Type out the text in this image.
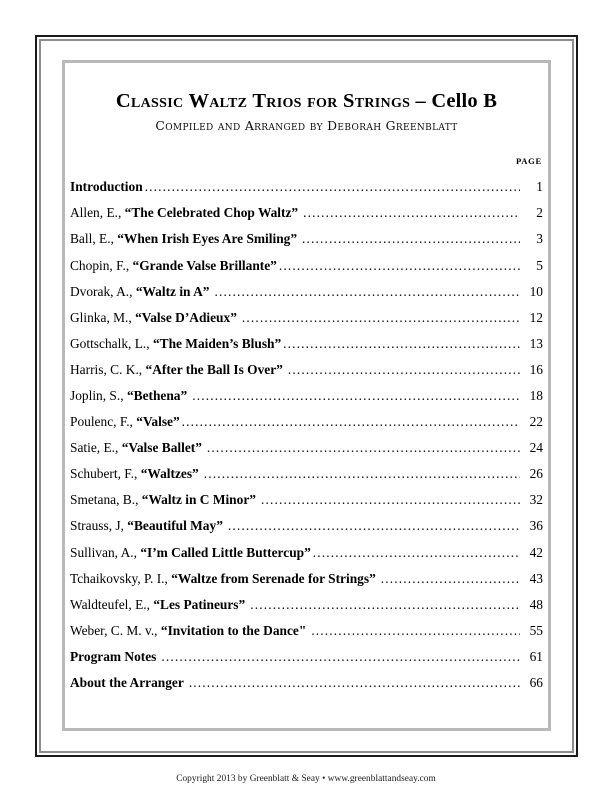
Classic Waltz Trios for Strings – Cello B
Compiled and Arranged by Deborah Greenblatt
PAGE
Introduction .....	1
Allen, E., “The Celebrated Chop Waltz” .....	2
Ball, E., “When Irish Eyes Are Smiling” .....	3
Chopin, F., “Grande Valse Brillante” .....	5
Dvorak, A., “Waltz in A” .....	10
Glinka, M., “Valse D’Adieux” .....	12
Gottschalk, L., “The Maiden’s Blush” .....	13
Harris, C. K., “After the Ball Is Over” .....	16
Joplin, S., “Bethena” .....	18
Poulenc, F., “Valse” .....	22
Satie, E., “Valse Ballet” .....	24
Schubert, F., “Waltzes” .....	26
Smetana, B., “Waltz in C Minor” .....	32
Strauss, J, “Beautiful May” .....	36
Sullivan, A., “I’m Called Little Buttercup” .....	42
Tchaikovsky, P. I., “Waltze from Serenade for Strings” .....	43
Waldteufel, E., “Les Patineurs” .....	48
Weber, C. M. v., “Invitation to the Dance" .....	55
Program Notes .....	61
About the Arranger .....	66
Copyright 2013 by Greenblatt & Seay • www.greenblattandseay.com
